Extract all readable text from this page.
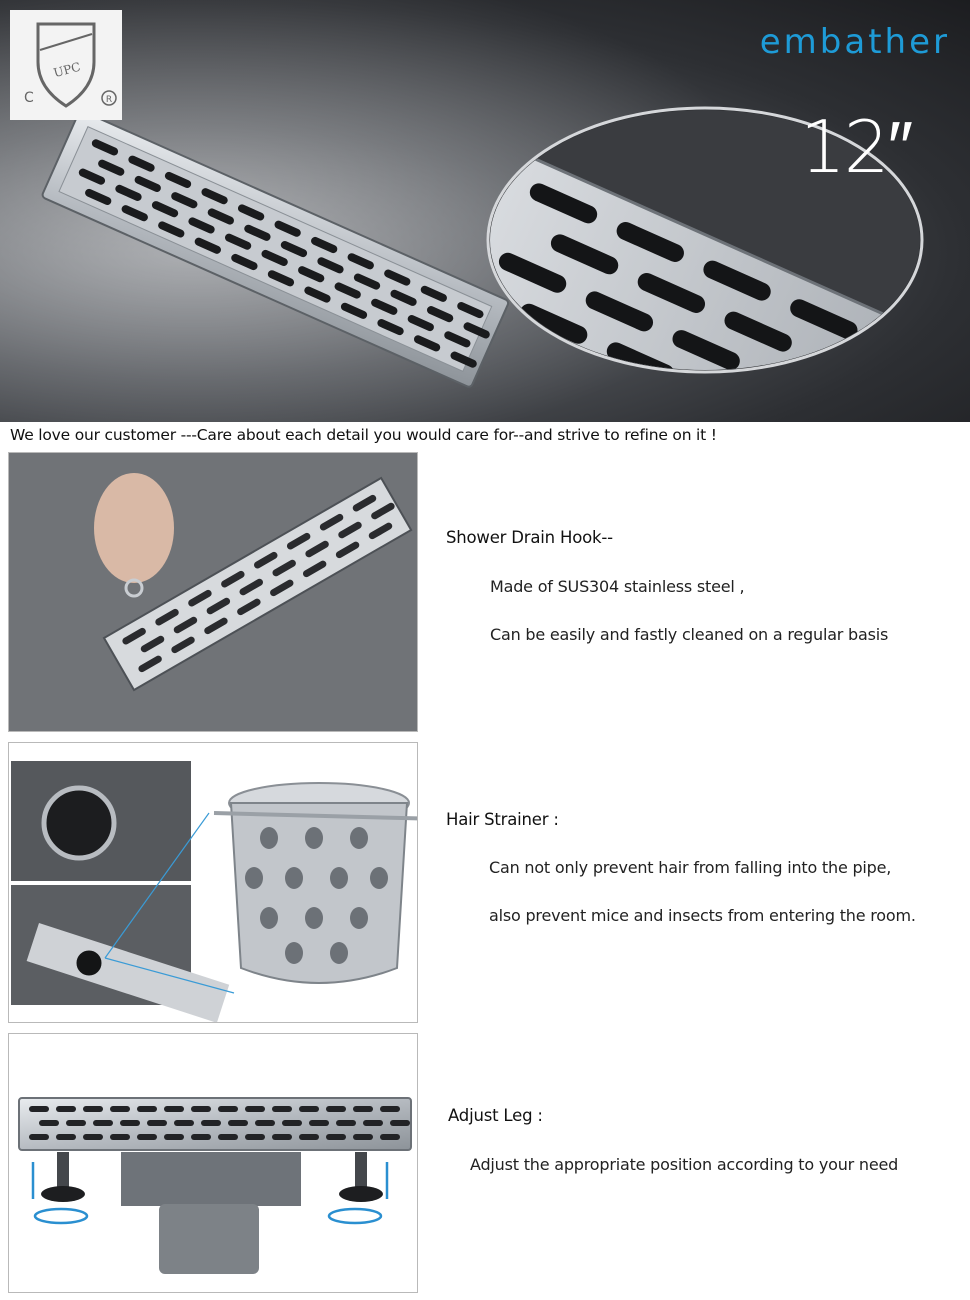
UPC
C	R
embather
12″
We love our customer ---Care about each detail you would care for--and strive to refine on it !
Shower Drain Hook--
Made of SUS304 stainless steel ,
Can be easily and fastly cleaned on a regular basis
Hair Strainer :
Can not only prevent hair from falling into the pipe,
also prevent mice and insects from entering the room.
Adjust Leg :
Adjust the appropriate position according to your need
